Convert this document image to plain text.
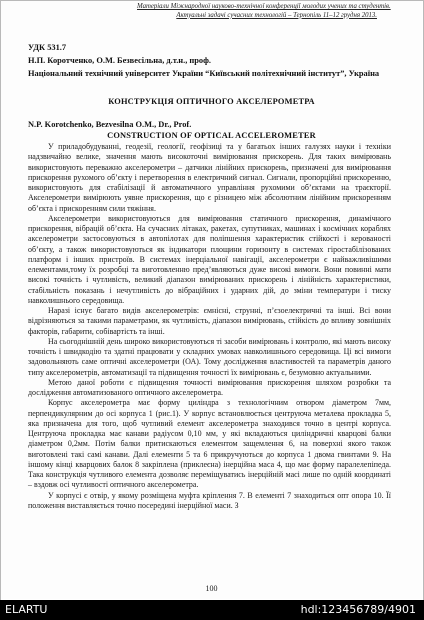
Матеріали Міжнародної науково-технічної конференції молодих учених та студентів.
Актуальні задачі сучасних технологій – Тернопіль 11–12 грудня 2013.
УДК 531.7
Н.П. Коротченко, О.М. Безвесільна, д.т.н., проф.
Національний технічний університет України “Київський політехнічний інститут”, Україна
КОНСТРУКЦІЯ ОПТИЧНОГО АКСЕЛЕРОМЕТРА
N.P. Korotchenko, Bezvesilna O.M., Dr., Prof.
CONSTRUCTION OF OPTICAL ACCELEROMETER

У приладобудуванні, геодезії, геології, геофізиці та у багатьох інших галузях науки і техніки надзвичайно велике, значення мають високоточні вимірювання прискорень. Для таких вимірювань використовують переважно акселерометри – датчики лінійних прискорень, призначені для вимірювання прискорення рухомого об’єкту і перетворення в електричний сигнал. Сигнали, пропорційні прискоренню, використовують для стабілізації й автоматичного управління рухомими об’єктами на траєкторії. Акселерометри вимірюють уявне прискорення, що є різницею між абсолютним лінійним прискоренням об’єкта і прискоренням сили тяжіння.

Акселерометри використовуються для вимірювання статичного прискорення, динамічного прискорення, вібрацій об’єкта. На сучасних літаках, ракетах, супутниках, машинах і космічних кораблях акселерометри застосовуються в автопілотах для поліпшення характеристик стійкості і керованості об’єкту, а також використовуються як індикатори площини горизонту в системах гіростабілізованих платформ і інших пристроїв. В системах інерціальної навігації, акселерометри є найважливішими елементами,тому їх розробці та виготовленню пред’являються дуже високі вимоги. Вони повинні мати високі точність і чутливість, великий діапазон вимірюваних прискорень і лінійність характеристики, стабільність показань і нечутливість до вібраційних і ударних дій, до зміни температури і тиску навколишнього середовища.

Наразі існує багато видів акселерометрів: ємнісні, струнні, п’єзоелектричні та інші. Всі вони відрізняються за такими параметрами, як чутливість, діапазон вимірювань, стійкість до впливу зовнішніх факторів, габарити, собівартість та інші.

На сьогоднішній день широко використовуються ті засоби вимірювань і контролю, які мають високу точність і швидкодію та здатні працювати у складних умовах навколишнього середовища. Ці всі вимоги задовольняють саме оптичні акселерометри (ОА). Тому дослідження властивостей та параметрів даного типу акселерометрів, автоматизації та підвищення точності їх вимірювань є, безумовно актуальними.

Метою даної роботи є підвищення точності вимірювання прискорення шляхом розробки та дослідження автоматизованого оптичного акселерометра.

Корпус акселерометра має форму циліндра з технологічним отвором діаметром 7мм, перпендикулярним до осі корпуса 1 (рис.1). У корпус встановлюється центруюча металева прокладка 5, яка призначена для того, щоб чутливий елемент акселерометра знаходився точно в центрі корпуса. Центруюча прокладка має канави радіусом 0,10 мм, у які вкладаються циліндричні кварцові балки діаметром 0,2мм. Потім балки притискаються елементом защемлення 6, на поверхні якого також виготовлені такі самі канави. Далі елементи 5 та 6 прикручуються до корпуса 1 двома гвинтами 9. На іншому кінці кварцових балок 8 закріплена (приклеєна) інерційна маса 4, що має форму паралелепіпеда. Така конструкція чутливого елемента дозволяє переміщуватись інерційній масі лише по одній координаті – вздовж осі чутливості оптичного акселерометра.

У корпусі є отвір, у якому розміщена муфта кріплення 7. В елементі 7 знаходиться опт опора 10. Її положення виставляється точно посередині інерційної маси. З

100
ELARTU	hdl:123456789/4901
